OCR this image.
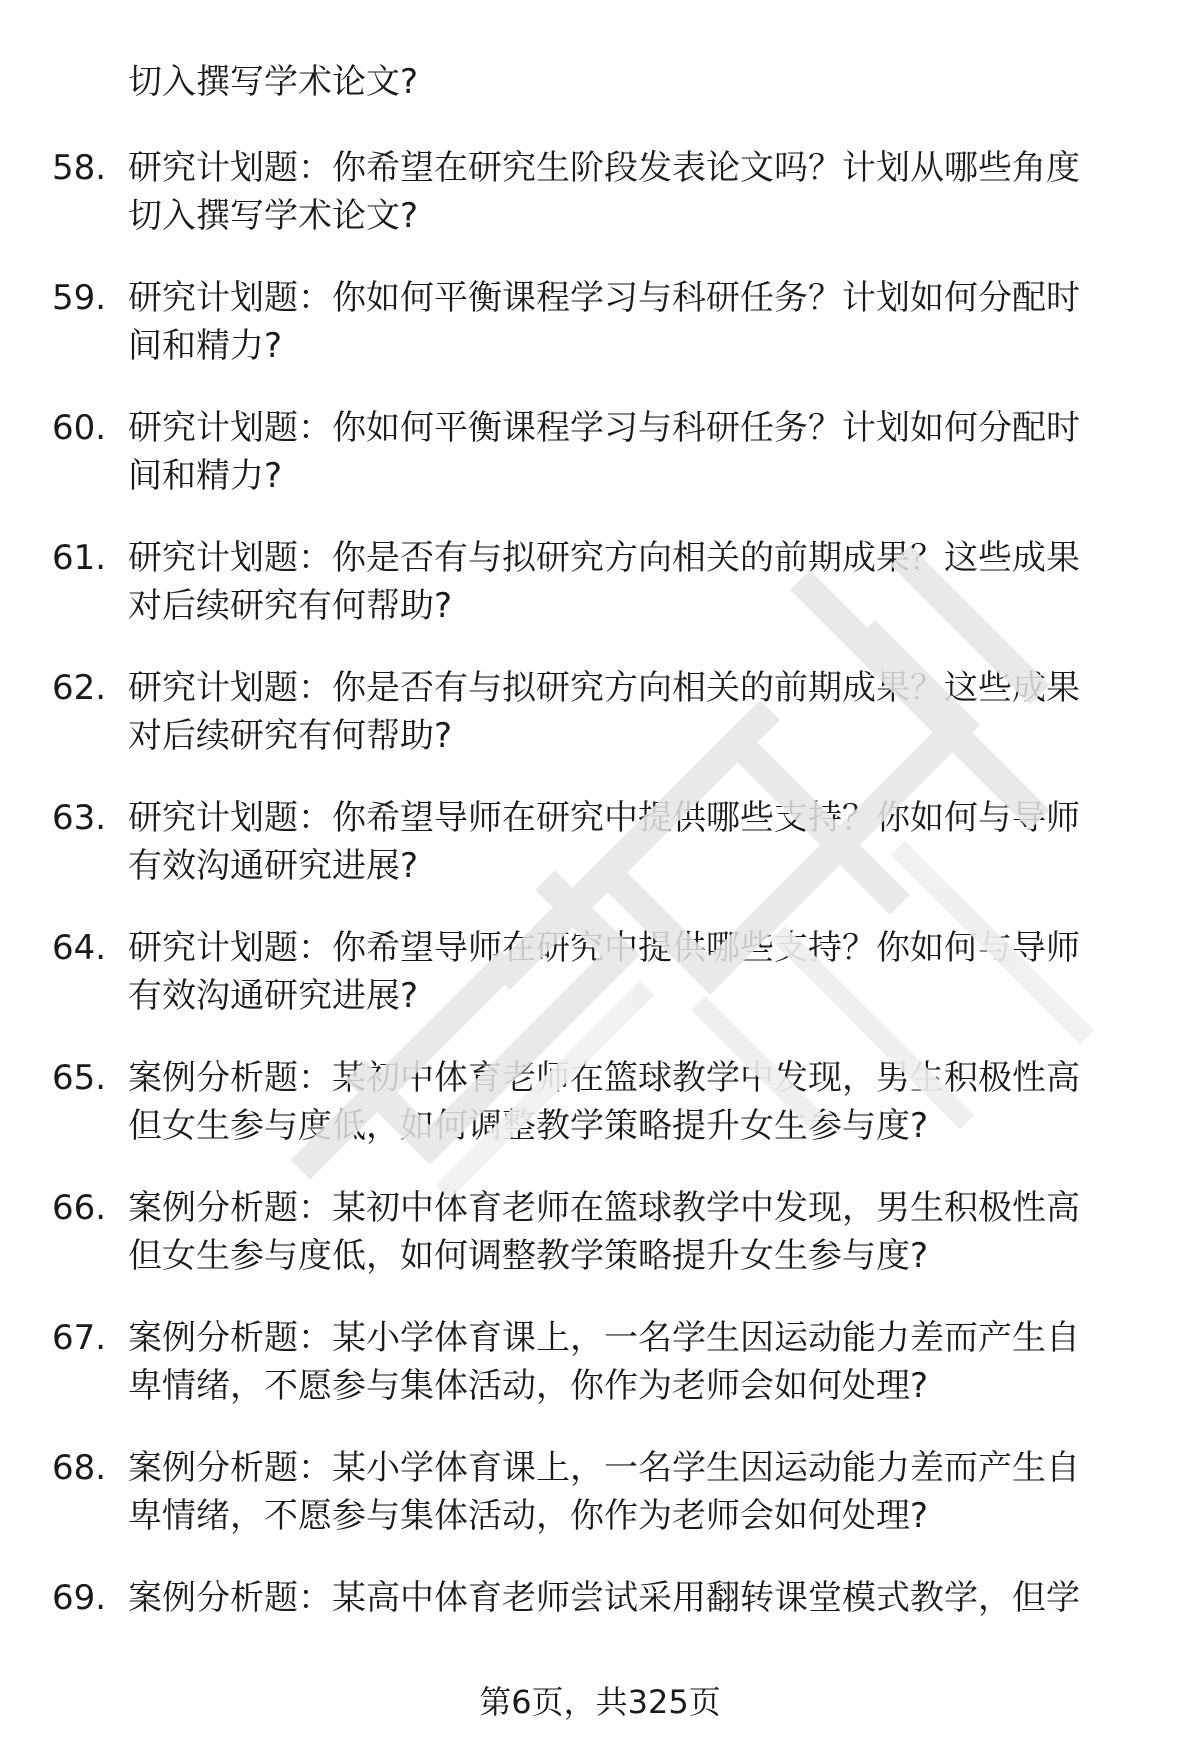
切入撰写学术论文?
58. 研究计划题：你希望在研究生阶段发表论文吗？计划从哪些角度
切入撰写学术论文?
59. 研究计划题：你如何平衡课程学习与科研任务？计划如何分配时
间和精力?
60. 研究计划题：你如何平衡课程学习与科研任务？计划如何分配时
间和精力?
61. 研究计划题：你是否有与拟研究方向相关的前期成果？这些成果
对后续研究有何帮助?
62. 研究计划题：你是否有与拟研究方向相关的前期成果？这些成果
对后续研究有何帮助?
63. 研究计划题：你希望导师在研究中提供哪些支持？你如何与导师
有效沟通研究进展?
64. 研究计划题：你希望导师在研究中提供哪些支持？你如何与导师
有效沟通研究进展?
65. 案例分析题：某初中体育老师在篮球教学中发现，男生积极性高
但女生参与度低，如何调整教学策略提升女生参与度?
66. 案例分析题：某初中体育老师在篮球教学中发现，男生积极性高
但女生参与度低，如何调整教学策略提升女生参与度?
67. 案例分析题：某小学体育课上，一名学生因运动能力差而产生自
卑情绪，不愿参与集体活动，你作为老师会如何处理?
68. 案例分析题：某小学体育课上，一名学生因运动能力差而产生自
卑情绪，不愿参与集体活动，你作为老师会如何处理?
69. 案例分析题：某高中体育老师尝试采用翻转课堂模式教学，但学
第6页，共325页
